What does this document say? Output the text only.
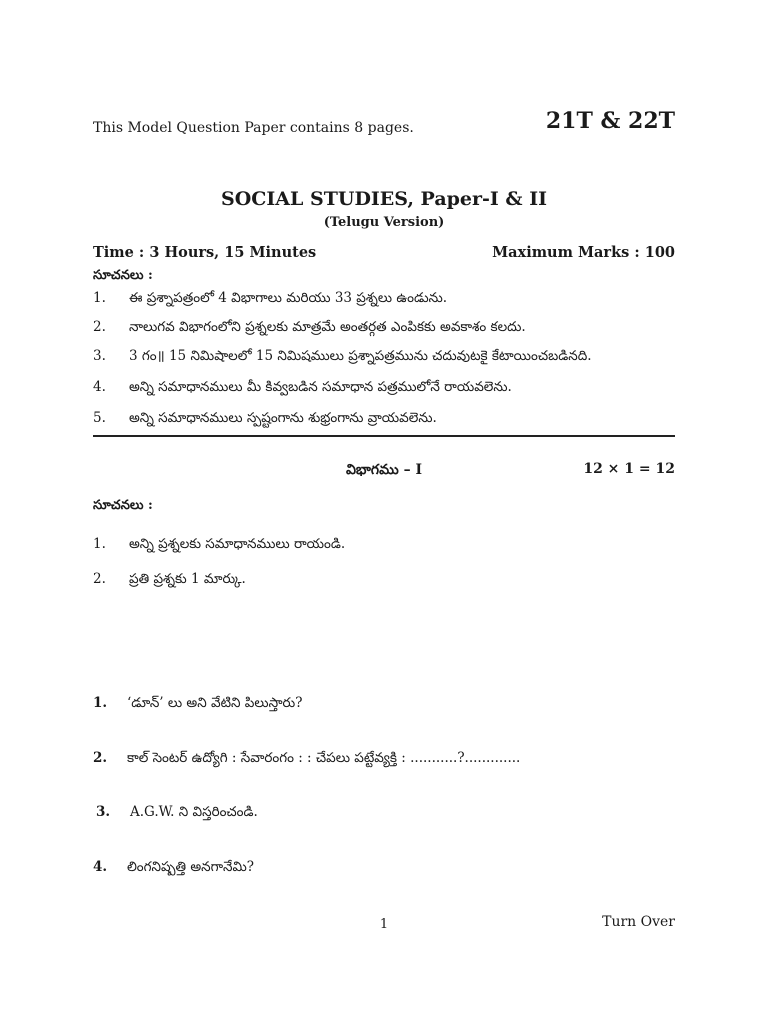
This Model Question Paper contains 8 pages.	21T & 22T
SOCIAL STUDIES, Paper-I & II
(Telugu Version)
Time : 3 Hours, 15 Minutes	Maximum Marks : 100
సూచనలు :
1.	ఈ ప్రశ్నాపత్రంలో 4 విభాగాలు మరియు 33 ప్రశ్నలు ఉండును.
2.	నాలుగవ విభాగంలోని ప్రశ్నలకు మాత్రమే అంతర్గత ఎంపికకు అవకాశం కలదు.
3.	3 గం॥ 15 నిమిషాలలో 15 నిమిషములు ప్రశ్నాపత్రమును చదువుటకై కేటాయించబడినది.
4.	అన్ని సమాధానములు మీ కివ్వబడిన సమాధాన పత్రములోనే రాయవలెను.
5.	అన్ని సమాధానములు స్పష్టంగాను శుభ్రంగాను వ్రాయవలెను.
విభాగము – I	12 × 1 = 12
సూచనలు :
1.	అన్ని ప్రశ్నలకు సమాధానములు రాయండి.
2.	ప్రతి ప్రశ్నకు 1 మార్కు.
1.	‘డూన్’ లు అని వేటిని పిలుస్తారు?
2.	కాల్ సెంటర్ ఉద్యోగి : సేవారంగం : : చేపలు పట్టేవ్యక్తి : ...........?.............
3.	A.G.W. ని విస్తరించండి.
4.	లింగనిష్పత్తి అనగానేమి?
1	Turn Over
